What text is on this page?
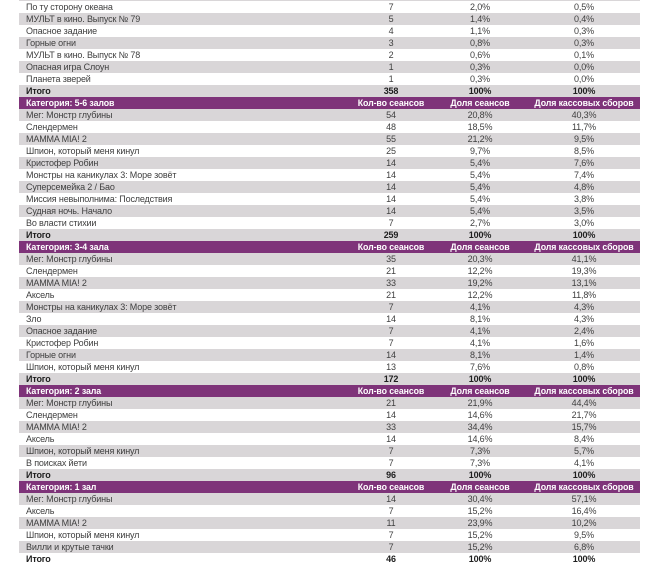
По ту сторону океана	7	2,0%	0,5%
МУЛЬТ в кино. Выпуск № 79	5	1,4%	0,4%
Опасное задание	4	1,1%	0,3%
Горные огни	3	0,8%	0,3%
МУЛЬТ в кино. Выпуск № 78	2	0,6%	0,1%
Опасная игра Слоун	1	0,3%	0,0%
Планета зверей	1	0,3%	0,0%
Итого	358	100%	100%
Категория: 5-6 залов	Кол-во сеансов	Доля сеансов	Доля кассовых сборов
Мег: Монстр глубины	54	20,8%	40,3%
Слендермен	48	18,5%	11,7%
MAMMA MIA! 2	55	21,2%	9,5%
Шпион, который меня кинул	25	9,7%	8,5%
Кристофер Робин	14	5,4%	7,6%
Монстры на каникулах 3: Море зовёт	14	5,4%	7,4%
Суперсемейка 2 / Бао	14	5,4%	4,8%
Миссия невыполнима: Последствия	14	5,4%	3,8%
Судная ночь. Начало	14	5,4%	3,5%
Во власти стихии	7	2,7%	3,0%
Итого	259	100%	100%
Категория: 3-4 зала	Кол-во сеансов	Доля сеансов	Доля кассовых сборов
Мег: Монстр глубины	35	20,3%	41,1%
Слендермен	21	12,2%	19,3%
MAMMA MIA! 2	33	19,2%	13,1%
Аксель	21	12,2%	11,8%
Монстры на каникулах 3: Море зовёт	7	4,1%	4,3%
Зло	14	8,1%	4,3%
Опасное задание	7	4,1%	2,4%
Кристофер Робин	7	4,1%	1,6%
Горные огни	14	8,1%	1,4%
Шпион, который меня кинул	13	7,6%	0,8%
Итого	172	100%	100%
Категория: 2 зала	Кол-во сеансов	Доля сеансов	Доля кассовых сборов
Мег: Монстр глубины	21	21,9%	44,4%
Слендермен	14	14,6%	21,7%
MAMMA MIA! 2	33	34,4%	15,7%
Аксель	14	14,6%	8,4%
Шпион, который меня кинул	7	7,3%	5,7%
В поисках йети	7	7,3%	4,1%
Итого	96	100%	100%
Категория: 1 зал	Кол-во сеансов	Доля сеансов	Доля кассовых сборов
Мег: Монстр глубины	14	30,4%	57,1%
Аксель	7	15,2%	16,4%
MAMMA MIA! 2	11	23,9%	10,2%
Шпион, который меня кинул	7	15,2%	9,5%
Вилли и крутые тачки	7	15,2%	6,8%
Итого	46	100%	100%
